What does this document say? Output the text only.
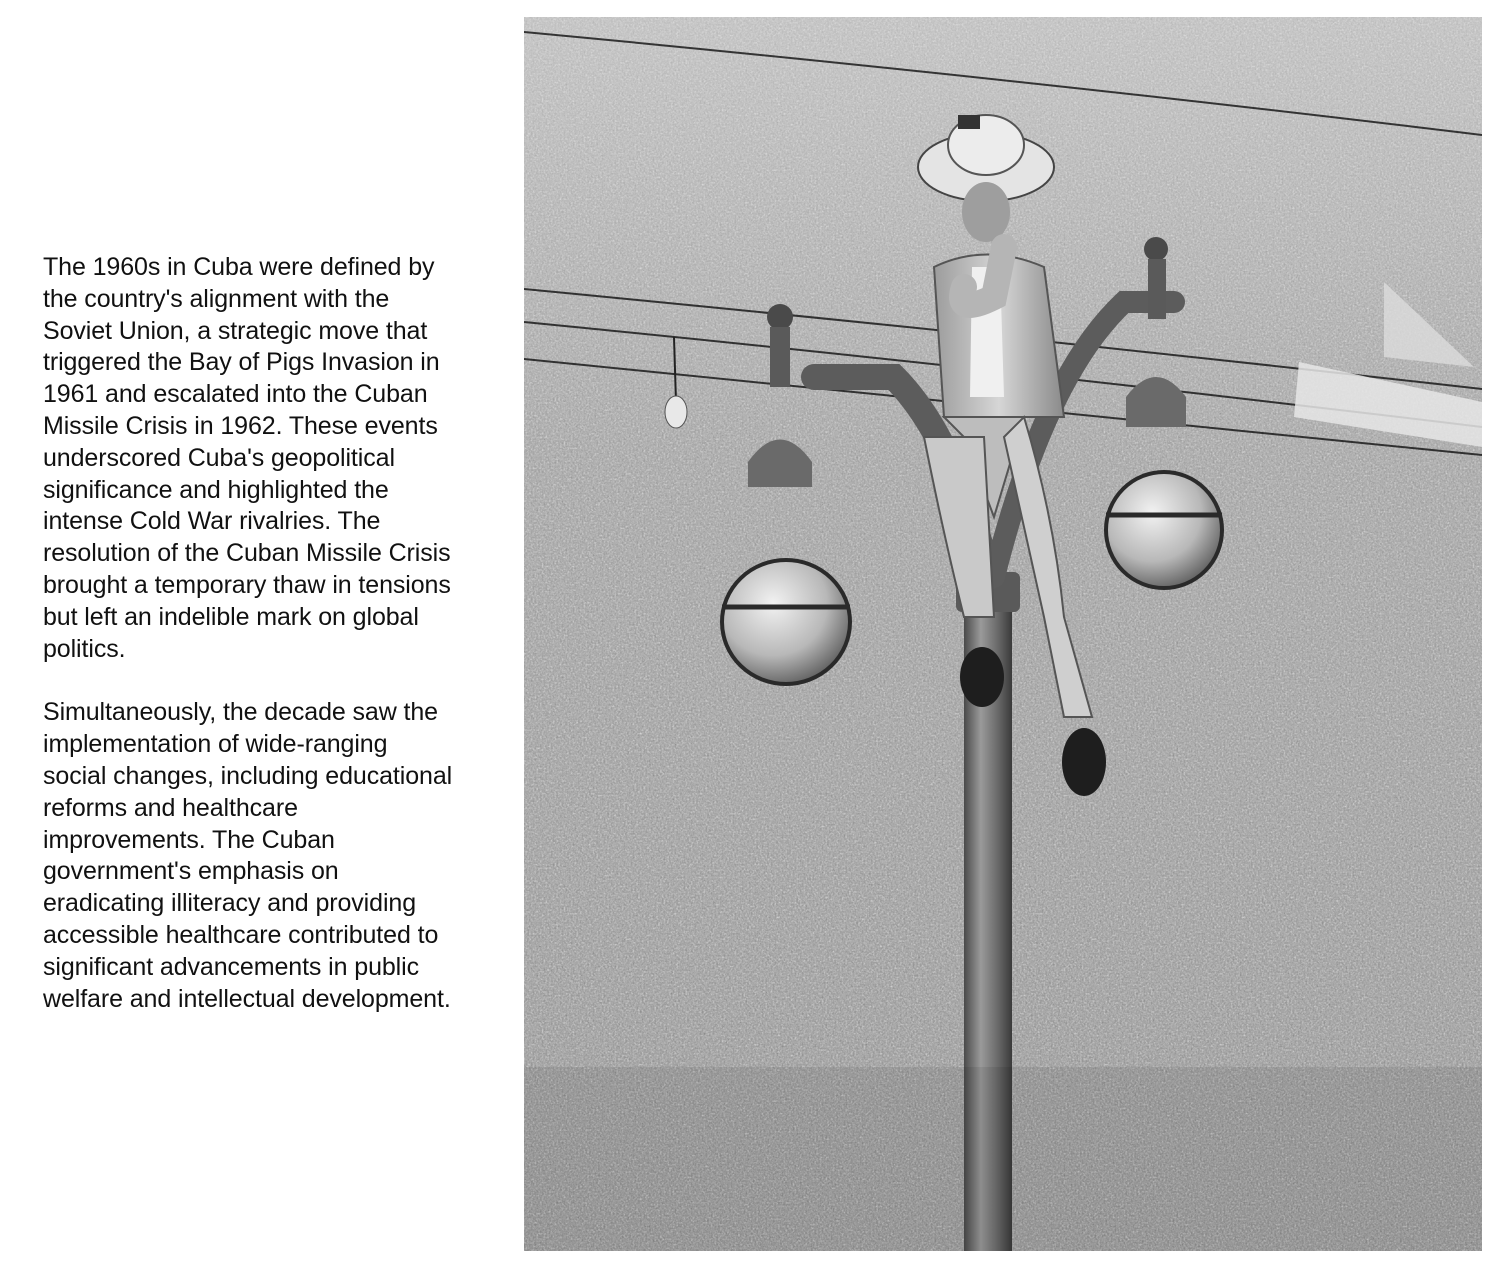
The 1960s in Cuba were defined by
the country's alignment with the
Soviet Union, a strategic move that
triggered the Bay of Pigs Invasion in
1961 and escalated into the Cuban
Missile Crisis in 1962. These events
underscored Cuba's geopolitical
significance and highlighted the
intense Cold War rivalries. The
resolution of the Cuban Missile Crisis
brought a temporary thaw in tensions
but left an indelible mark on global
politics.

Simultaneously, the decade saw the
implementation of wide-ranging
social changes, including educational
reforms and healthcare
improvements. The Cuban
government's emphasis on
eradicating illiteracy and providing
accessible healthcare contributed to
significant advancements in public
welfare and intellectual development.
